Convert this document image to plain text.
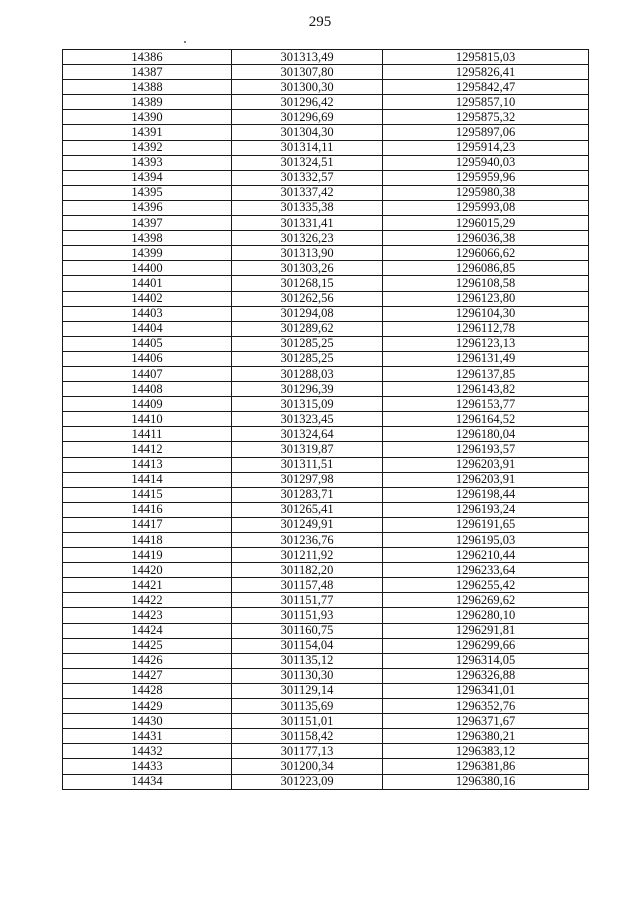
295
14386	301313,49	1295815,03
14387	301307,80	1295826,41
14388	301300,30	1295842,47
14389	301296,42	1295857,10
14390	301296,69	1295875,32
14391	301304,30	1295897,06
14392	301314,11	1295914,23
14393	301324,51	1295940,03
14394	301332,57	1295959,96
14395	301337,42	1295980,38
14396	301335,38	1295993,08
14397	301331,41	1296015,29
14398	301326,23	1296036,38
14399	301313,90	1296066,62
14400	301303,26	1296086,85
14401	301268,15	1296108,58
14402	301262,56	1296123,80
14403	301294,08	1296104,30
14404	301289,62	1296112,78
14405	301285,25	1296123,13
14406	301285,25	1296131,49
14407	301288,03	1296137,85
14408	301296,39	1296143,82
14409	301315,09	1296153,77
14410	301323,45	1296164,52
14411	301324,64	1296180,04
14412	301319,87	1296193,57
14413	301311,51	1296203,91
14414	301297,98	1296203,91
14415	301283,71	1296198,44
14416	301265,41	1296193,24
14417	301249,91	1296191,65
14418	301236,76	1296195,03
14419	301211,92	1296210,44
14420	301182,20	1296233,64
14421	301157,48	1296255,42
14422	301151,77	1296269,62
14423	301151,93	1296280,10
14424	301160,75	1296291,81
14425	301154,04	1296299,66
14426	301135,12	1296314,05
14427	301130,30	1296326,88
14428	301129,14	1296341,01
14429	301135,69	1296352,76
14430	301151,01	1296371,67
14431	301158,42	1296380,21
14432	301177,13	1296383,12
14433	301200,34	1296381,86
14434	301223,09	1296380,16
